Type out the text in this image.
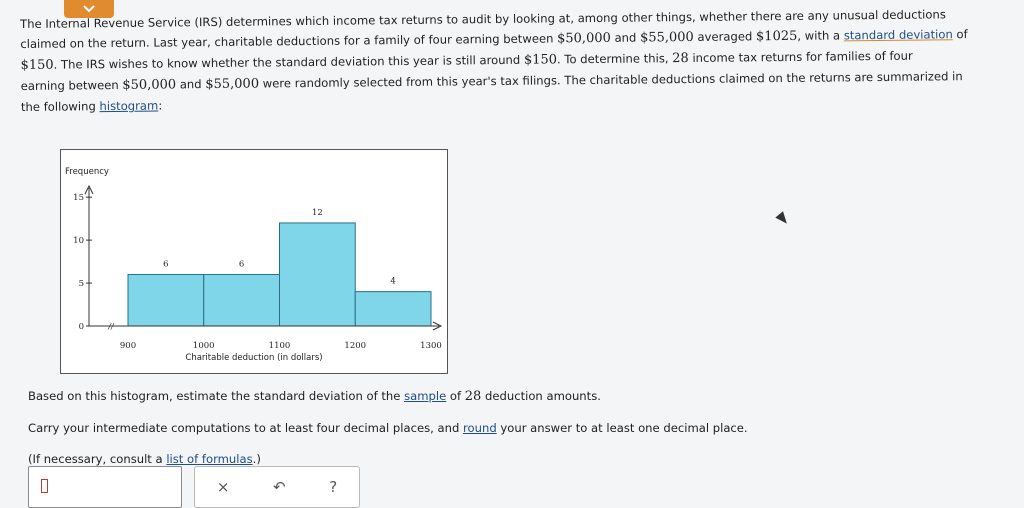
The Internal Revenue Service (IRS) determines which income tax returns to audit by looking at, among other things, whether there are any unusual deductions

claimed on the return. Last year, charitable deductions for a family of four earning between $50,000 and $55,000 averaged $1025, with a standard deviation of

$150. The IRS wishes to know whether the standard deviation this year is still around $150. To determine this, 28 income tax returns for families of four

earning between $50,000 and $55,000 were randomly selected from this year's tax filings. The charitable deductions claimed on the returns are summarized in

the following histogram:

Frequency
6	6
12
4
0
5
10
15
//
900	1000	1100	1200	1300
Charitable deduction (in dollars)

Based on this histogram, estimate the standard deviation of the sample of 28 deduction amounts.

Carry your intermediate computations to at least four decimal places, and round your answer to at least one decimal place.

(If necessary, consult a list of formulas.)

×	↶	?
